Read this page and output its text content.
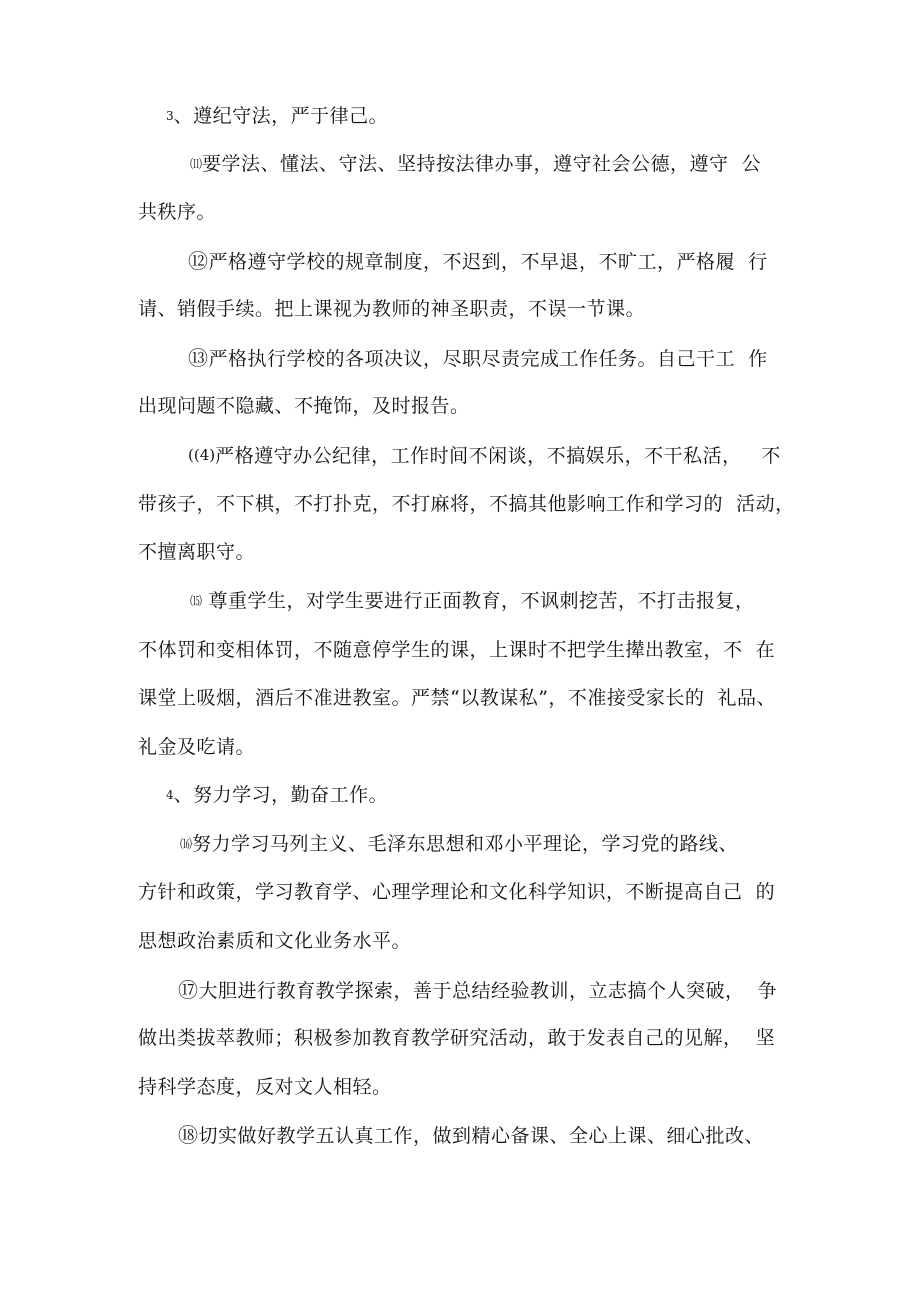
3、遵纪守法，严于律己。

⑾要学法、懂法、守法、坚持按法律办事，遵守社会公德，遵守  公

共秩序。

⑫严格遵守学校的规章制度，不迟到，不早退，不旷工，严格履  行

请、销假手续。把上课视为教师的神圣职责，不误一节课。

⑬严格执行学校的各项决议，尽职尽责完成工作任务。自己干工  作

出现问题不隐藏、不掩饰，及时报告。

((4)严格遵守办公纪律，工作时间不闲谈，不搞娱乐，不干私活，   不

带孩子，不下棋，不打扑克，不打麻将，不搞其他影响工作和学习的  活动，

不擅离职守。

⒂ 尊重学生，对学生要进行正面教育，不讽刺挖苦，不打击报复，

不体罚和变相体罚，不随意停学生的课，上课时不把学生撵出教室，不  在

课堂上吸烟，酒后不准进教室。严禁“以教谋私”，不准接受家长的  礼品、

礼金及吃请。

4、努力学习，勤奋工作。

⒃努力学习马列主义、毛泽东思想和邓小平理论，学习党的路线、

方针和政策，学习教育学、心理学理论和文化科学知识，不断提高自己  的

思想政治素质和文化业务水平。

⑰大胆进行教育教学探索，善于总结经验教训，立志搞个人突破，  争

做出类拔萃教师；积极参加教育教学研究活动，敢于发表自己的见解，  坚

持科学态度，反对文人相轻。

⑱切实做好教学五认真工作，做到精心备课、全心上课、细心批改、
